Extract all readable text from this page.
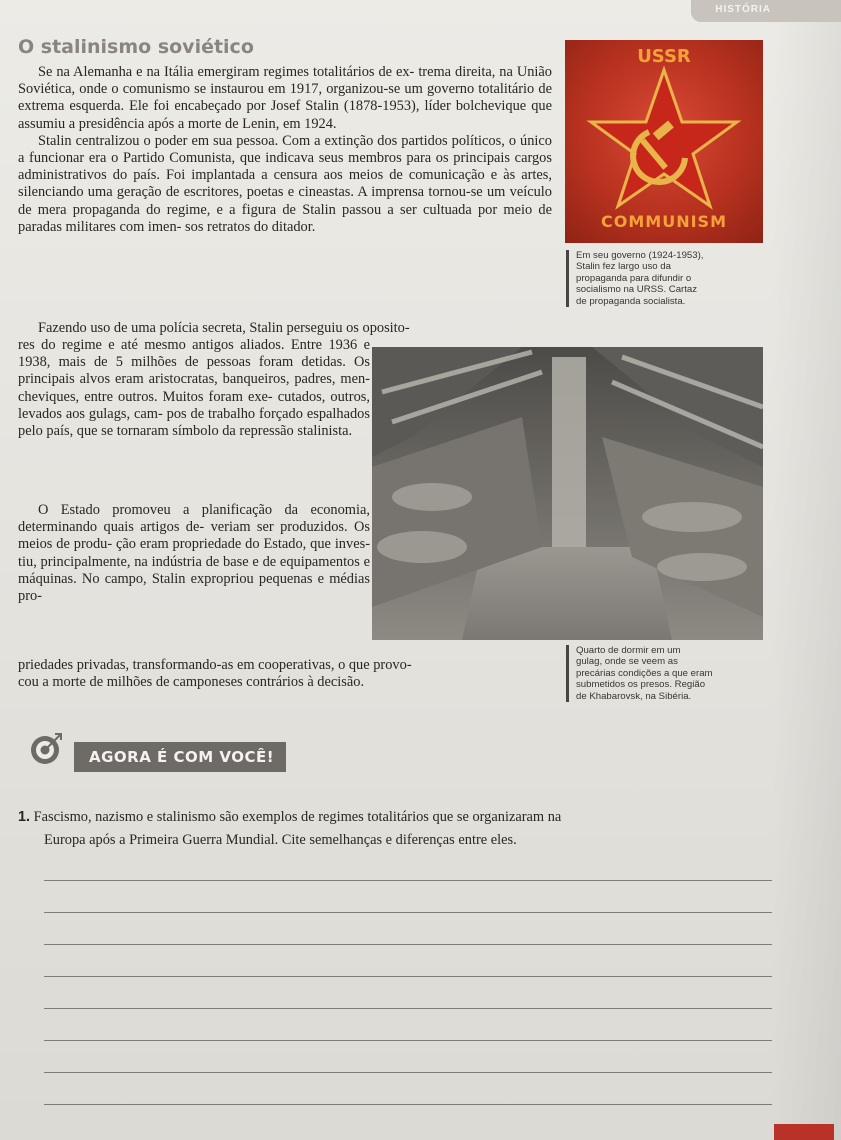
HISTÓRIA
O stalinismo soviético

Se na Alemanha e na Itália emergiram regimes totalitários de ex- trema direita, na União Soviética, onde o comunismo se instaurou em 1917, organizou-se um governo totalitário de extrema esquerda. Ele foi encabeçado por Josef Stalin (1878-1953), líder bolchevique que assumiu a presidência após a morte de Lenin, em 1924.
Stalin centralizou o poder em sua pessoa. Com a extinção dos partidos políticos, o único a funcionar era o Partido Comunista, que indicava seus membros para os principais cargos administrativos do país. Foi implantada a censura aos meios de comunicação e às artes, silenciando uma geração de escritores, poetas e cineastas. A imprensa tornou-se um veículo de mera propaganda do regime, e a figura de Stalin passou a ser cultuada por meio de paradas militares com imen- sos retratos do ditador.

USSR
COMMUNISM
Em seu governo (1924-1953),
Stalin fez largo uso da
propaganda para difundir o
socialismo na URSS. Cartaz
de propaganda socialista.
Fazendo uso de uma polícia secreta, Stalin perseguiu os oposito-

res do regime e até mesmo antigos aliados. Entre 1936 e 1938, mais de 5 milhões de pessoas foram detidas. Os principais alvos eram aristocratas, banqueiros, padres, men- cheviques, entre outros. Muitos foram exe- cutados, outros, levados aos gulags, cam- pos de trabalho forçado espalhados pelo país, que se tornaram símbolo da repressão stalinista.

O Estado promoveu a planificação da economia, determinando quais artigos de- veriam ser produzidos. Os meios de produ- ção eram propriedade do Estado, que inves- tiu, principalmente, na indústria de base e de equipamentos e máquinas. No campo, Stalin expropriou pequenas e médias pro-

priedades privadas, transformando-as em cooperativas, o que provo-
cou a morte de milhões de camponeses contrários à decisão.
Quarto de dormir em um
gulag, onde se veem as
precárias condições a que eram
submetidos os presos. Região
de Khabarovsk, na Sibéria.
AGORA É COM VOCÊ!
1. Fascismo, nazismo e stalinismo são exemplos de regimes totalitários que se organizaram na
Europa após a Primeira Guerra Mundial. Cite semelhanças e diferenças entre eles.
